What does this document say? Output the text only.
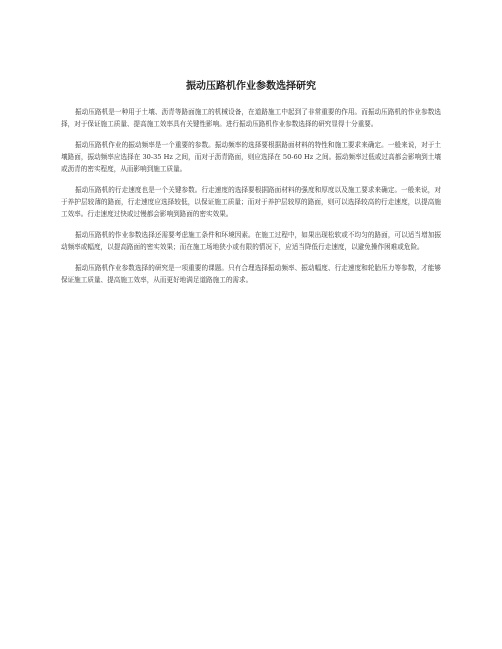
振动压路机作业参数选择研究

振动压路机是一种用于土壤、沥青等路面施工的机械设备，在道路施工中起到了非常重要的作用。而振动压路机的作业参数选择，对于保证施工质量、提高施工效率具有关键性影响。进行振动压路机作业参数选择的研究显得十分重要。

振动压路机作业的振动频率是一个重要的参数。振动频率的选择要根据路面材料的特性和施工要求来确定。一般来说，对于土壤路面，振动频率应选择在 30-35 Hz 之间，而对于沥青路面，则应选择在 50-60 Hz 之间。振动频率过低或过高都会影响到土壤或沥青的密实程度，从而影响到施工质量。

振动压路机的行走速度也是一个关键参数。行走速度的选择要根据路面材料的强度和厚度以及施工要求来确定。一般来说，对于养护层较薄的路面，行走速度应选择较低，以保证施工质量；而对于养护层较厚的路面，则可以选择较高的行走速度，以提高施工效率。行走速度过快或过慢都会影响到路面的密实效果。

振动压路机的作业参数选择还需要考虑施工条件和环境因素。在施工过程中，如果出现松软或不均匀的路面，可以适当增加振动频率或幅度，以提高路面的密实效果；而在施工场地狭小或有限的情况下，应适当降低行走速度，以避免操作困难或危险。

振动压路机作业参数选择的研究是一项重要的课题。只有合理选择振动频率、振动幅度、行走速度和轮胎压力等参数，才能够保证施工质量、提高施工效率，从而更好地满足道路施工的需求。
